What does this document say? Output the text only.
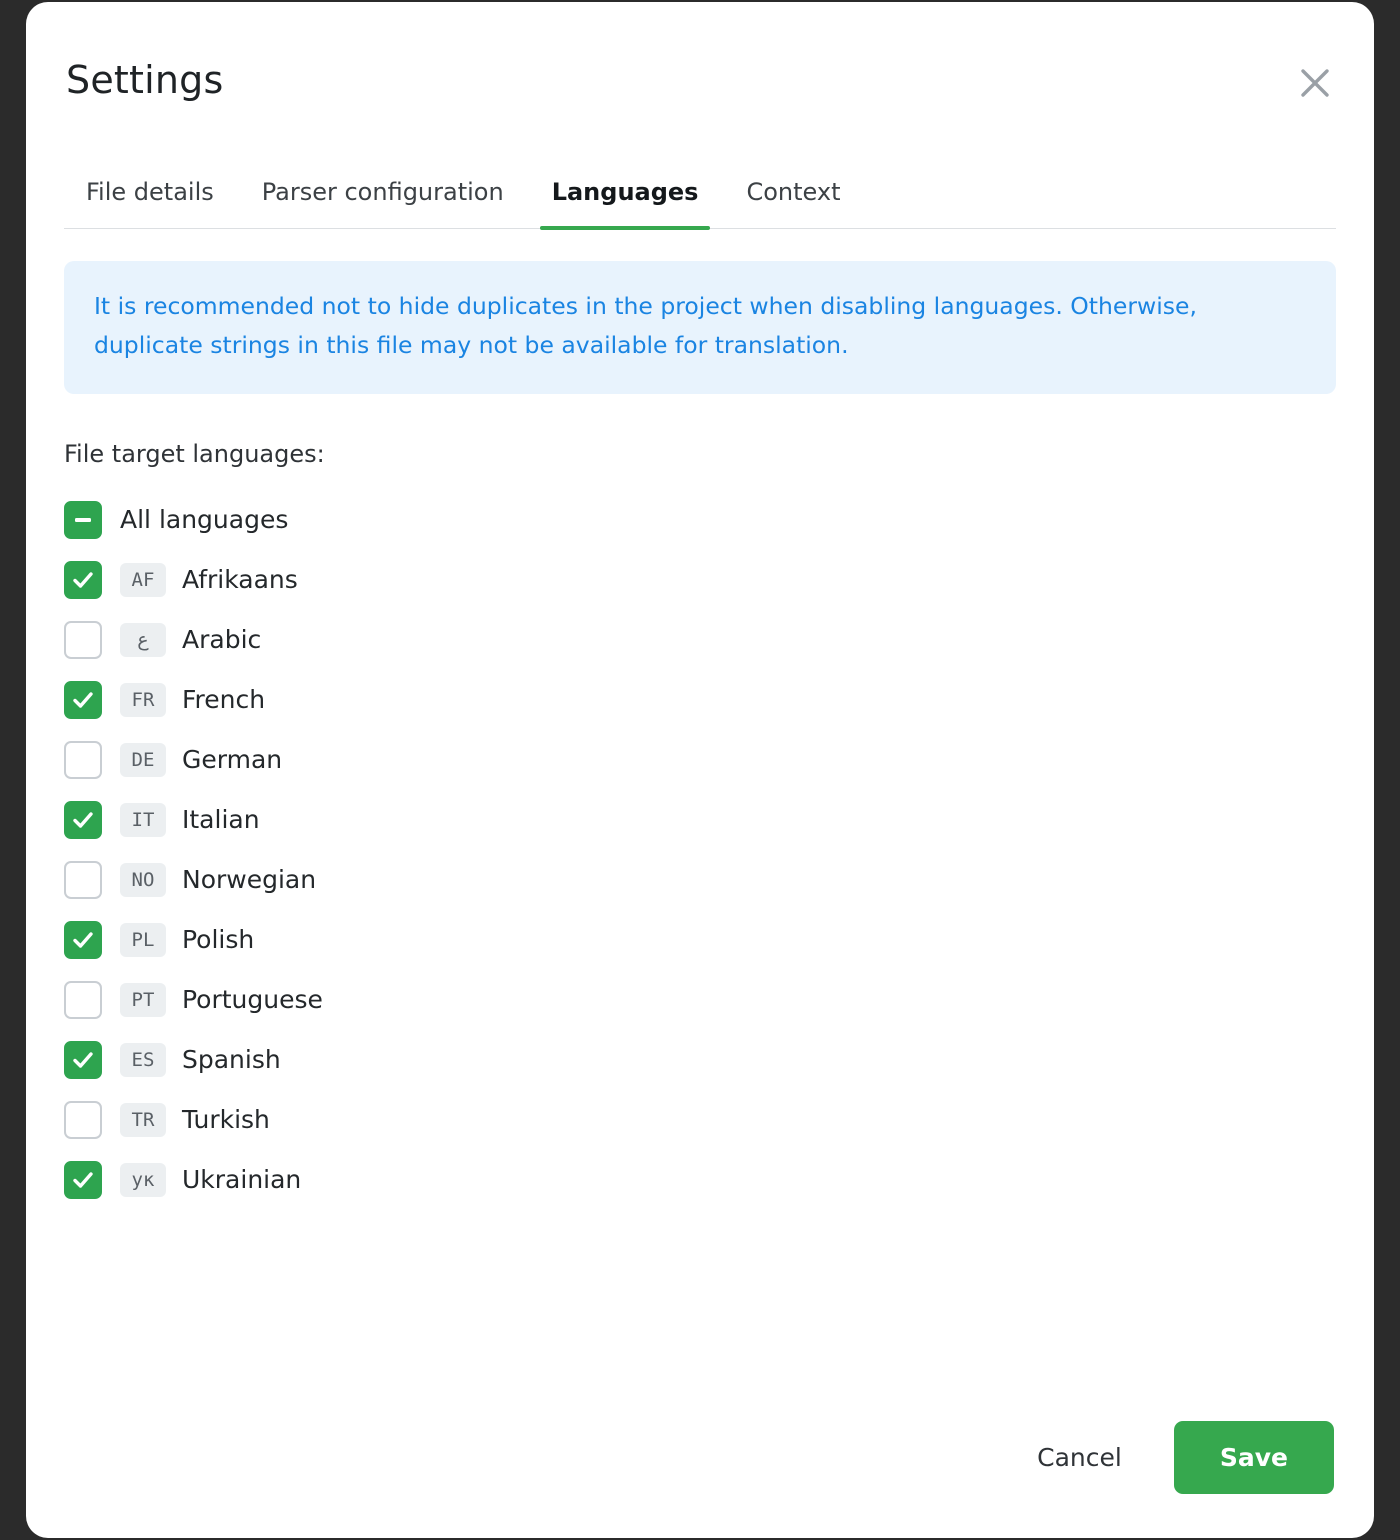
Settings
File details	Parser configuration	Languages	Context
It is recommended not to hide duplicates in the project when disabling languages. Otherwise, duplicate strings in this file may not be available for translation.
File target languages:
All languages
AF	Afrikaans
ع	Arabic
FR	French
DE	German
IT	Italian
NO	Norwegian
PL	Polish
PT	Portuguese
ES	Spanish
TR	Turkish
ук	Ukrainian
Cancel	Save
